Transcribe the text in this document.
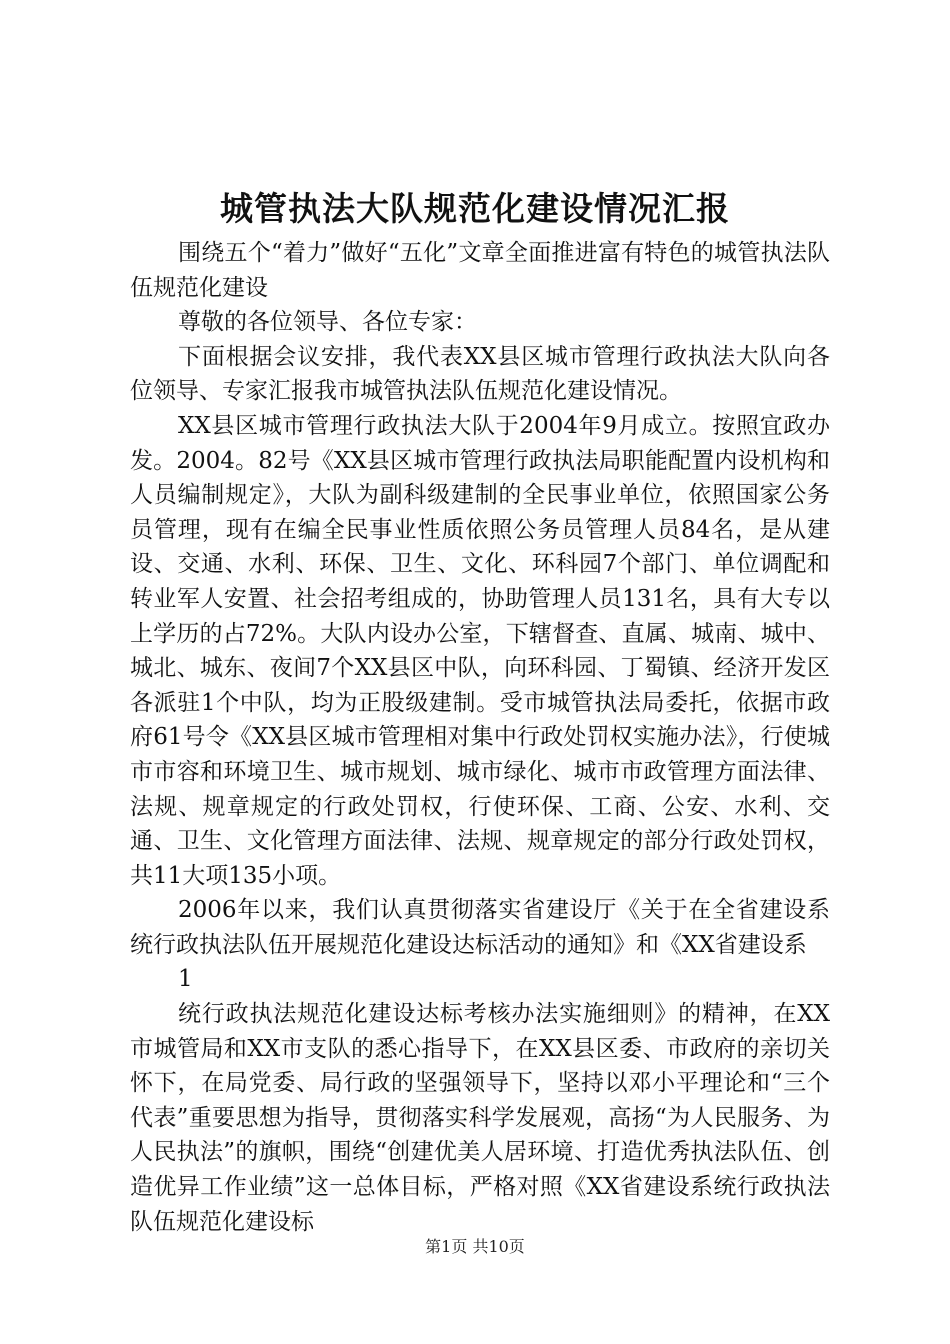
城管执法大队规范化建设情况汇报

围绕五个“着力”做好“五化”文章全面推进富有特色的城管执法队伍规范化建设

尊敬的各位领导、各位专家：

下面根据会议安排，我代表XX县区城市管理行政执法大队向各位领导、专家汇报我市城管执法队伍规范化建设情况。

XX县区城市管理行政执法大队于2004年9月成立。按照宜政办发。2004。82号《XX县区城市管理行政执法局职能配置内设机构和人员编制规定》，大队为副科级建制的全民事业单位，依照国家公务员管理，现有在编全民事业性质依照公务员管理人员84名，是从建设、交通、水利、环保、卫生、文化、环科园7个部门、单位调配和转业军人安置、社会招考组成的，协助管理人员131名，具有大专以上学历的占72%。大队内设办公室，下辖督查、直属、城南、城中、城北、城东、夜间7个XX县区中队，向环科园、丁蜀镇、经济开发区各派驻1个中队，均为正股级建制。受市城管执法局委托，依据市政府61号令《XX县区城市管理相对集中行政处罚权实施办法》，行使城市市容和环境卫生、城市规划、城市绿化、城市市政管理方面法律、法规、规章规定的行政处罚权，行使环保、工商、公安、水利、交通、卫生、文化管理方面法律、法规、规章规定的部分行政处罚权，共11大项135小项。

2006年以来，我们认真贯彻落实省建设厅《关于在全省建设系统行政执法队伍开展规范化建设达标活动的通知》和《XX省建设系

1

统行政执法规范化建设达标考核办法实施细则》的精神，在XX市城管局和XX市支队的悉心指导下，在XX县区委、市政府的亲切关怀下，在局党委、局行政的坚强领导下，坚持以邓小平理论和“三个代表”重要思想为指导，贯彻落实科学发展观，高扬“为人民服务、为人民执法”的旗帜，围绕“创建优美人居环境、打造优秀执法队伍、创造优异工作业绩”这一总体目标，严格对照《XX省建设系统行政执法队伍规范化建设标

第1页 共10页
